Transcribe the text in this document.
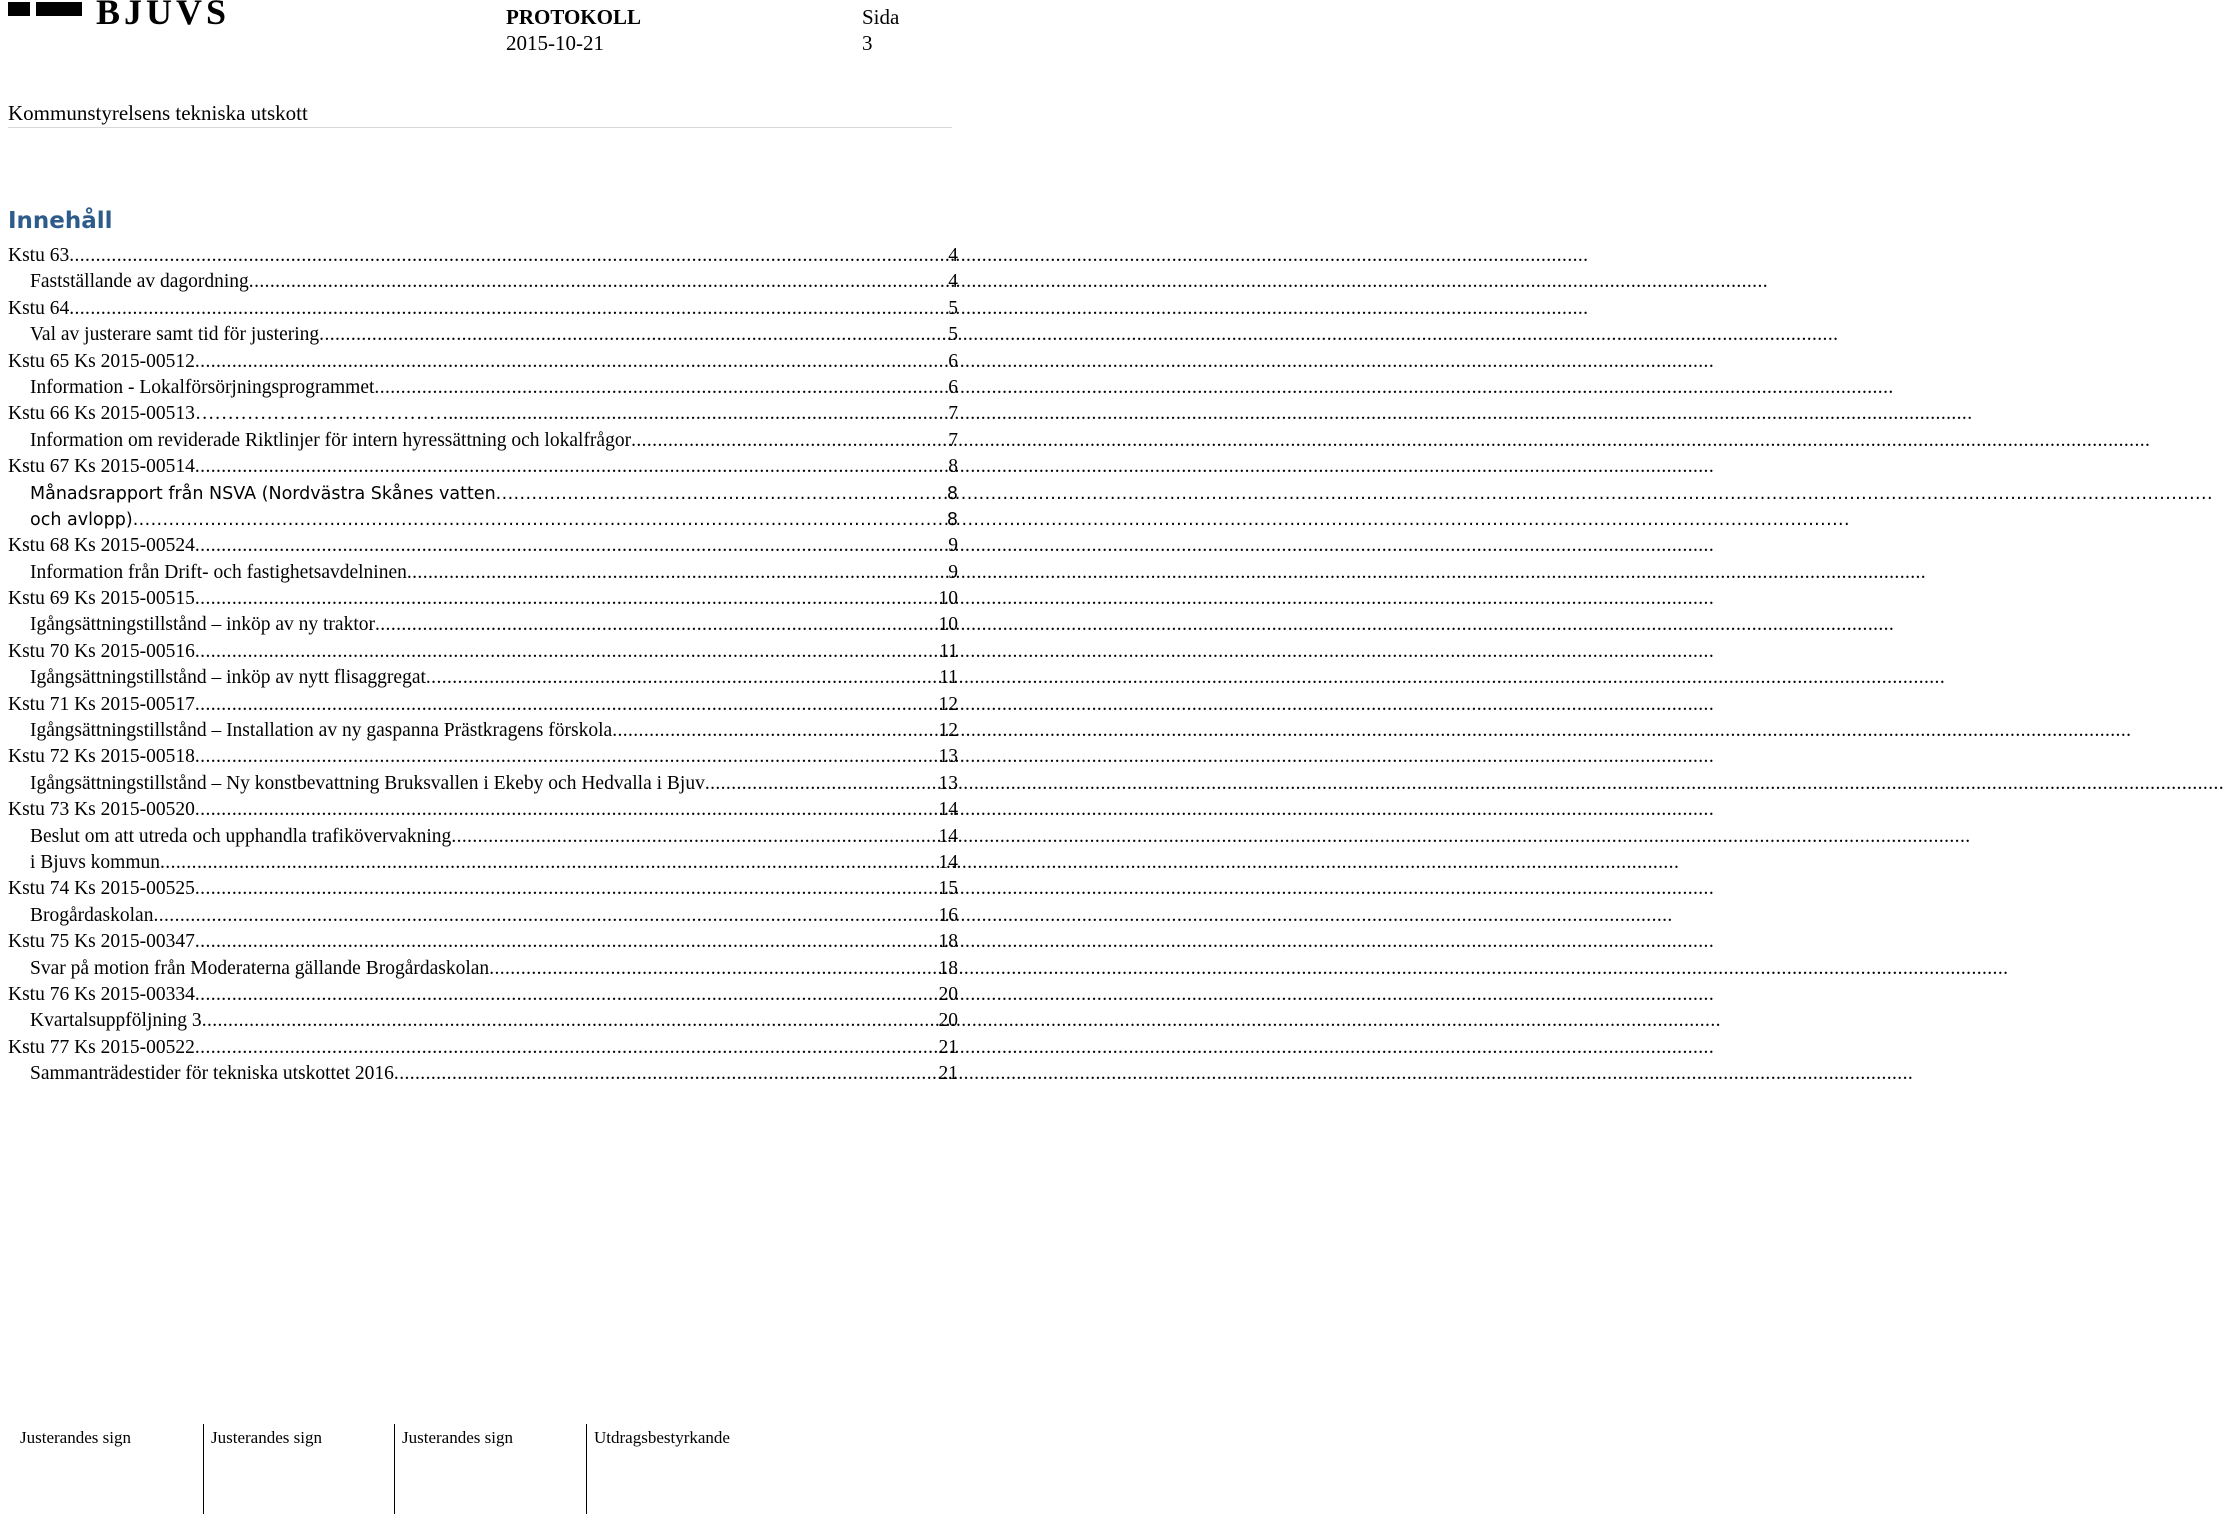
BJUVS	PROTOKOLL
2015-10-21
Sida
3
Kommunstyrelsens tekniska utskott
Innehåll
Kstu 63 .....	4
Fastställande av dagordning .....	4
Kstu 64 .....	5
Val av justerare samt tid för justering .....	5
Kstu 65 Ks 2015-00512 .....	6
Information - Lokalförsörjningsprogrammet .....	6
Kstu 66 Ks 2015-00513…………………………………. .....	7
Information om reviderade Riktlinjer för intern hyressättning och lokalfrågor .....	7
Kstu 67 Ks 2015-00514 .....	8
Månadsrapport från NSVA (Nordvästra Skånes vatten .....	8
och avlopp) .....	8
Kstu 68 Ks 2015-00524 .....	9
Information från Drift- och fastighetsavdelninen .....	9
Kstu 69 Ks 2015-00515 .....	10
Igångsättningstillstånd – inköp av ny traktor .....	10
Kstu 70 Ks 2015-00516 .....	11
Igångsättningstillstånd – inköp av nytt flisaggregat .....	11
Kstu 71 Ks 2015-00517 .....	12
Igångsättningstillstånd – Installation av ny gaspanna Prästkragens förskola .....	12
Kstu 72 Ks 2015-00518 .....	13
Igångsättningstillstånd – Ny konstbevattning Bruksvallen i Ekeby och Hedvalla i Bjuv .....	13
Kstu 73 Ks 2015-00520 .....	14
Beslut om att utreda och upphandla trafikövervakning .....	14
i Bjuvs kommun .....	14
Kstu 74 Ks 2015-00525 .....	15
Brogårdaskolan .....	16
Kstu 75 Ks 2015-00347 .....	18
Svar på motion från Moderaterna gällande Brogårdaskolan .....	18
Kstu 76 Ks 2015-00334 .....	20
Kvartalsuppföljning 3 .....	20
Kstu 77 Ks 2015-00522 .....	21
Sammanträdestider för tekniska utskottet 2016 .....	21
Justerandes sign	Justerandes sign	Justerandes sign	Utdragsbestyrkande
